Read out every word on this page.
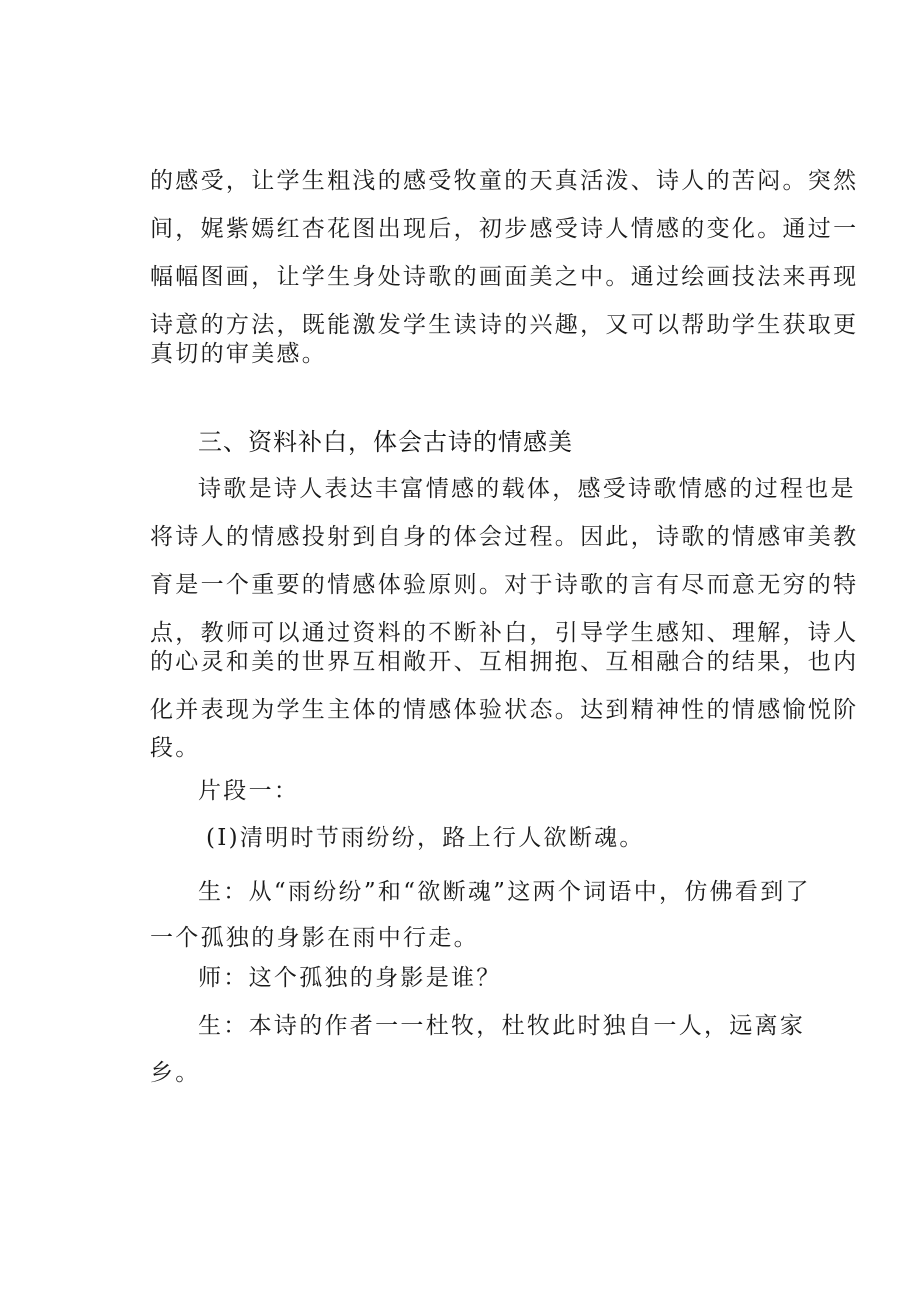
的感受，让学生粗浅的感受牧童的天真活泼、诗人的苦闷。突然
间，娓紫嫣红杏花图出现后，初步感受诗人情感的变化。通过一
幅幅图画，让学生身处诗歌的画面美之中。通过绘画技法来再现
诗意的方法，既能激发学生读诗的兴趣，又可以帮助学生获取更
真切的审美感。
三、资料补白，体会古诗的情感美
诗歌是诗人表达丰富情感的载体，感受诗歌情感的过程也是
将诗人的情感投射到自身的体会过程。因此，诗歌的情感审美教
育是一个重要的情感体验原则。对于诗歌的言有尽而意无穷的特
点，教师可以通过资料的不断补白，引导学生感知、理解，诗人
的心灵和美的世界互相敞开、互相拥抱、互相融合的结果，也内
化并表现为学生主体的情感体验状态。达到精神性的情感愉悦阶
段。
片段一：
(I)清明时节雨纷纷，路上行人欲断魂。
生：从“雨纷纷”和“欲断魂”这两个词语中，仿佛看到了
一个孤独的身影在雨中行走。
师：这个孤独的身影是谁？
生：本诗的作者一一杜牧，杜牧此时独自一人，远离家
乡。
